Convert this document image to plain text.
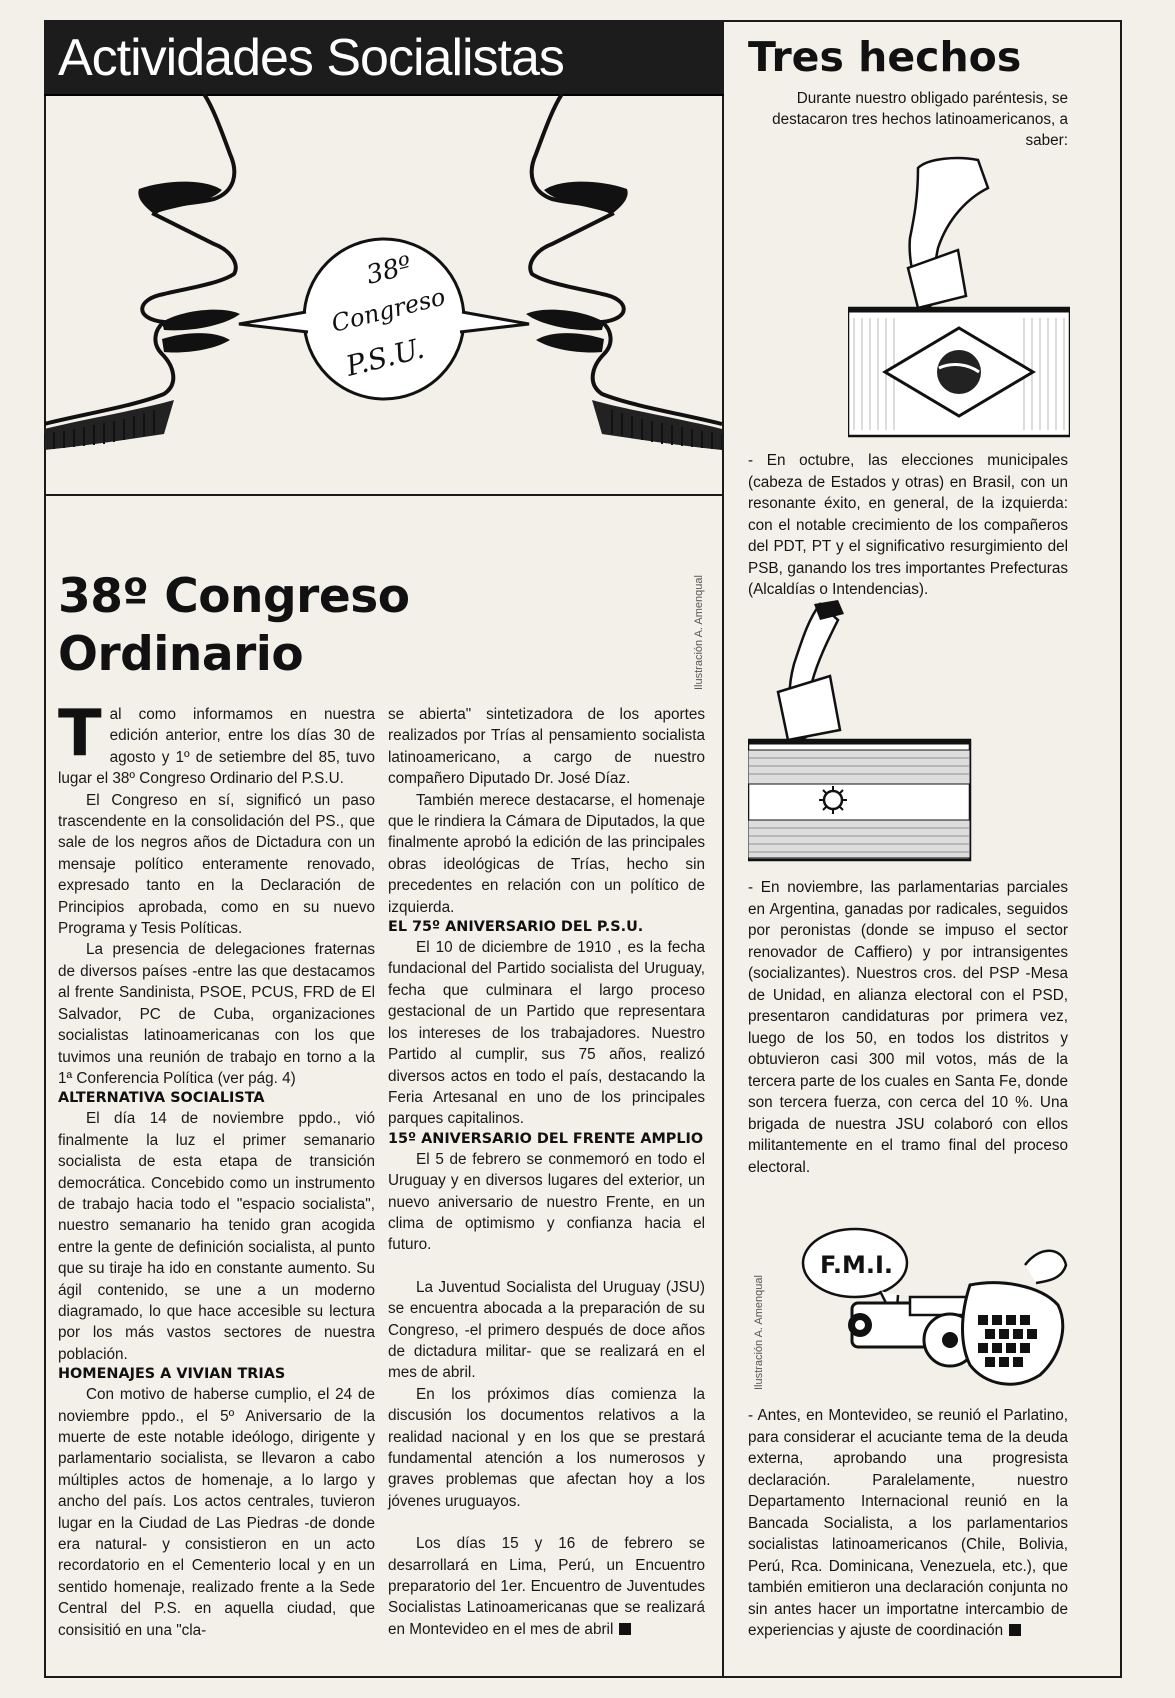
Actividades Socialistas
38º
Congreso
P.S.U.
38º Congreso Ordinario	Ilustración A. Amenqual
T al como informamos en nuestra edición anterior, entre los días 30 de agosto y 1º de setiembre del 85, tuvo lugar el 38º Congreso Ordinario del P.S.U.

El Congreso en sí, significó un paso trascendente en la consolidación del PS., que sale de los negros años de Dictadura con un mensaje político enteramente renovado, expresado tanto en la Declaración de Principios aprobada, como en su nuevo Programa y Tesis Políticas.

La presencia de delegaciones fraternas de diversos países -entre las que destacamos al frente Sandinista, PSOE, PCUS, FRD de El Salvador, PC de Cuba, organizaciones socialistas latinoamericanas con los que tuvimos una reunión de trabajo en torno a la 1ª Conferencia Política (ver pág. 4)

ALTERNATIVA SOCIALISTA

El día 14 de noviembre ppdo., vió finalmente la luz el primer semanario socialista de esta etapa de transición democrática. Concebido como un instrumento de trabajo hacia todo el "espacio socialista", nuestro semanario ha tenido gran acogida entre la gente de definición socialista, al punto que su tiraje ha ido en constante aumento. Su ágil contenido, se une a un moderno diagramado, lo que hace accesible su lectura por los más vastos sectores de nuestra población.

HOMENAJES A VIVIAN TRIAS

Con motivo de haberse cumplio, el 24 de noviembre ppdo., el 5º Aniversario de la muerte de este notable ideólogo, dirigente y parlamentario socialista, se llevaron a cabo múltiples actos de homenaje, a lo largo y ancho del país. Los actos centrales, tuvieron lugar en la Ciudad de Las Piedras -de donde era natural- y consistieron en un acto recordatorio en el Cementerio local y en un sentido homenaje, realizado frente a la Sede Central del P.S. en aquella ciudad, que consisitió en una "cla-

se abierta" sintetizadora de los aportes realizados por Trías al pensamiento socialista latinoamericano, a cargo de nuestro compañero Diputado Dr. José Díaz.

También merece destacarse, el homenaje que le rindiera la Cámara de Diputados, la que finalmente aprobó la edición de las principales obras ideológicas de Trías, hecho sin precedentes en relación con un político de izquierda.

EL 75º ANIVERSARIO DEL P.S.U.

El 10 de diciembre de 1910 , es la fecha fundacional del Partido socialista del Uruguay, fecha que culminara el largo proceso gestacional de un Partido que representara los intereses de los trabajadores. Nuestro Partido al cumplir, sus 75 años, realizó diversos actos en todo el país, destacando la Feria Artesanal en uno de los principales parques capitalinos.

15º ANIVERSARIO DEL FRENTE AMPLIO

El 5 de febrero se conmemoró en todo el Uruguay y en diversos lugares del exterior, un nuevo aniversario de nuestro Frente, en un clima de optimismo y confianza hacia el futuro.

La Juventud Socialista del Uruguay (JSU) se encuentra abocada a la preparación de su Congreso, -el primero después de doce años de dictadura militar- que se realizará en el mes de abril.

En los próximos días comienza la discusión los documentos relativos a la realidad nacional y en los que se prestará fundamental atención a los numerosos y graves problemas que afectan hoy a los jóvenes uruguayos.

Los días 15 y 16 de febrero se desarrollará en Lima, Perú, un Encuentro preparatorio del 1er. Encuentro de Juventudes Socialistas Latinoamericanas que se realizará en Montevideo en el mes de abril

Tres hechos

Durante nuestro obligado paréntesis, se destacaron tres hechos latinoamericanos, a saber:

- En octubre, las elecciones municipales (cabeza de Estados y otras) en Brasil, con un resonante éxito, en general, de la izquierda: con el notable crecimiento de los compañeros del PDT, PT y el significativo resurgimiento del PSB, ganando los tres importantes Prefecturas (Alcaldías o Intendencias).
- En noviembre, las parlamentarias parciales en Argentina, ganadas por radicales, seguidos por peronistas (donde se impuso el sector renovador de Caffiero) y por intransigentes (socializantes). Nuestros cros. del PSP -Mesa de Unidad, en alianza electoral con el PSD, presentaron candidaturas por primera vez, luego de los 50, en todos los distritos y obtuvieron casi 300 mil votos, más de la tercera parte de los cuales en Santa Fe, donde son tercera fuerza, con cerca del 10 %. Una brigada de nuestra JSU colaboró con ellos militantemente en el tramo final del proceso electoral.
Ilustración A. Amenqual
F.M.I.
- Antes, en Montevideo, se reunió el Parlatino, para considerar el acuciante tema de la deuda externa, aprobando una progresista declaración. Paralelamente, nuestro Departamento Internacional reunió en la Bancada Socialista, a los parlamentarios socialistas latinoamericanos (Chile, Bolivia, Perú, Rca. Dominicana, Venezuela, etc.), que también emitieron una declaración conjunta no sin antes hacer un importatne intercambio de experiencias y ajuste de coordinación
